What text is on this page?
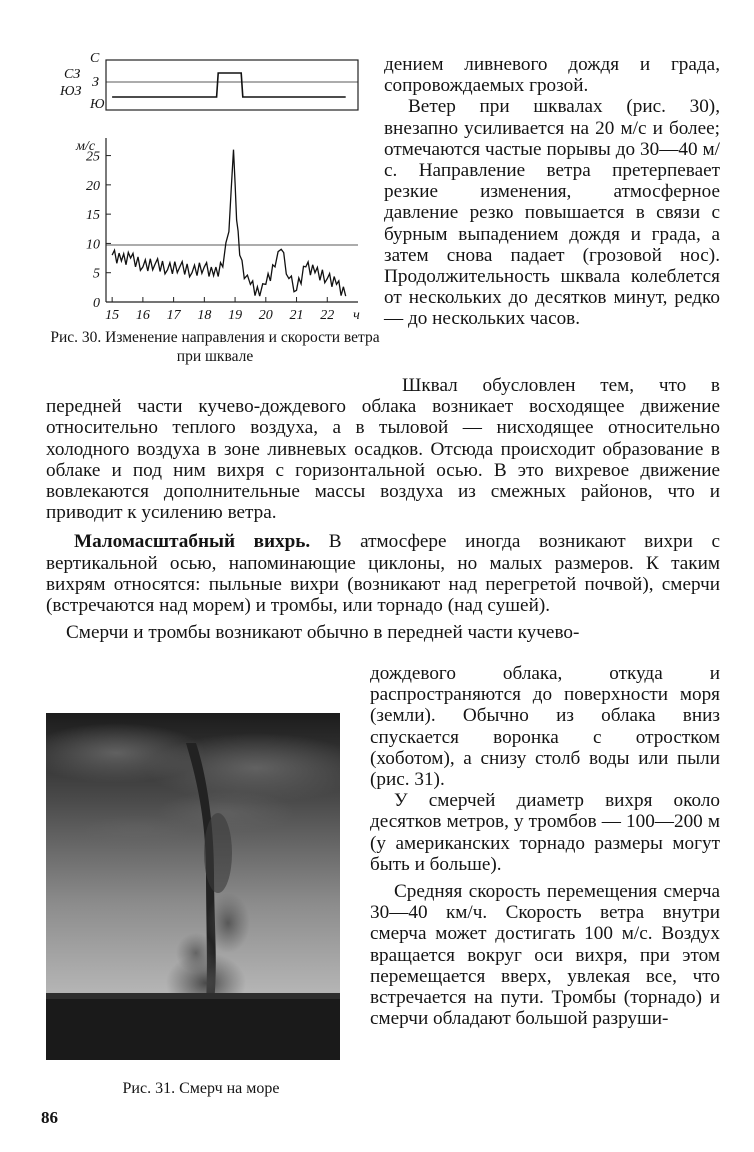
С
СЗ
З
ЮЗ
Ю
м/с
25
20
15
10
5
0
15 16 17 18 19 20 21 22 ч
Рис. 30. Изменение направления и скорости ветра при шквале

дением ливневого дождя и града, сопровождаемых грозой.

Ветер при шквалах (рис. 30), внезапно усиливается на 20 м/с и более; отмечаются частые порывы до 30—40 м/с. Направление ветра претерпевает резкие изменения, атмосферное давление резко повышается в связи с бурным выпадением дождя и града, а затем снова падает (грозовой нос). Продолжительность шквала колеблется от нескольких до десятков минут, редко — до нескольких часов.

Шквал обусловлен тем, что в передней части кучево-дождевого облака возникает восходящее движение относительно теплого воздуха, а в тыловой — нисходящее относительно холодного воздуха в зоне ливневых осадков. Отсюда происходит образование в облаке и под ним вихря с горизонтальной осью. В это вихревое движение вовлекаются дополнительные массы воздуха из смежных районов, что и приводит к усилению ветра.

Маломасштабный вихрь. В атмосфере иногда возникают вихри с вертикальной осью, напоминающие циклоны, но малых размеров. К таким вихрям относятся: пыльные вихри (возникают над перегретой почвой), смерчи (встречаются над морем) и тромбы, или торнадо (над сушей).

Смерчи и тромбы возникают обычно в передней части кучево-

Рис. 31. Смерч на море

дождевого облака, откуда и распространяются до поверхности моря (земли). Обычно из облака вниз спускается воронка с отростком (хоботом), а снизу столб воды или пыли (рис. 31).

У смерчей диаметр вихря около десятков метров, у тромбов — 100—200 м (у американских торнадо размеры могут быть и больше).

Средняя скорость перемещения смерча 30—40 км/ч. Скорость ветра внутри смерча может достигать 100 м/с. Воздух вращается вокруг оси вихря, при этом перемещается вверх, увлекая все, что встречается на пути. Тромбы (торнадо) и смерчи обладают большой разруши-

86
